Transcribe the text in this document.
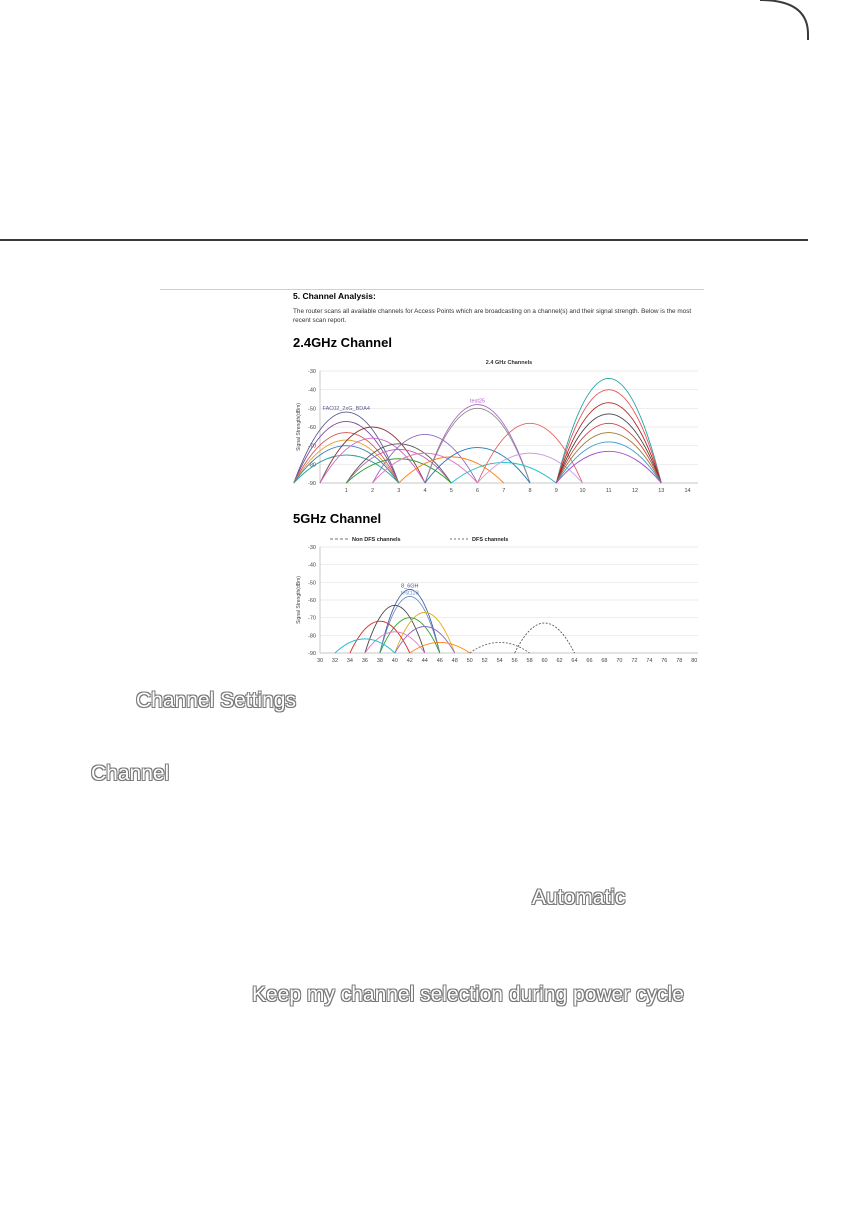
5. Channel Analysis:
The router scans all available channels for Access Points which are broadcasting on a channel(s) and their signal strength. Below is the most recent scan report.
2.4GHz Channel
-30
-40
-50
-60
-70
-80
-90
1	2	3	4	5	6	7	8	9	10	11	12	13	14
Signal Strength(dBm)
2.4 GHz Channels
FAC02_2xG_BDA4
test25
5GHz Channel
-30
-40
-50
-60
-70
-80
-90
30 32 34 36 38 40 42 44 46 48 50 52 54 56 58 60 62 64 66 68 70 72 74 76 78 80
Signal Strength(dBm)
Non DFS channels	DFS channels
8_6GH
test123
Channel Settings
Channel
Automatic
Keep my channel selection during power cycle
